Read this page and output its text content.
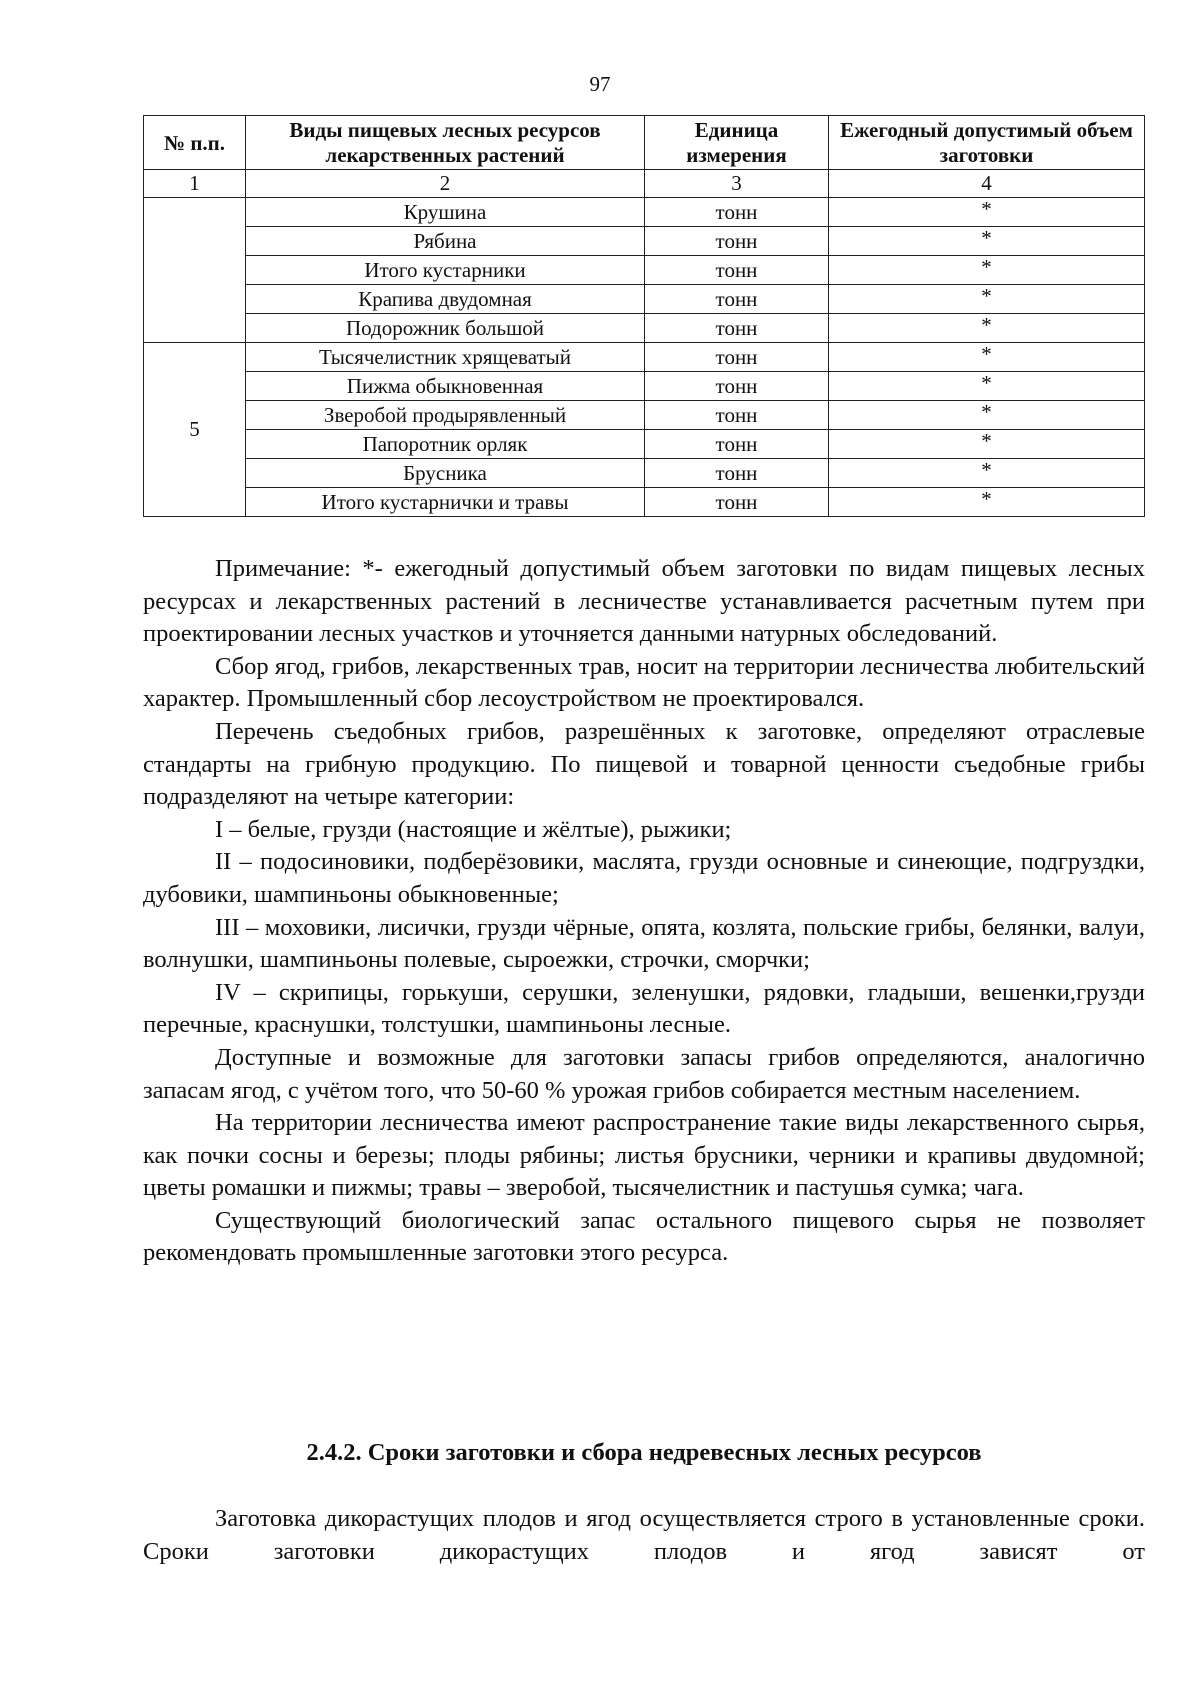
97
№ п.п.	Виды пищевых лесных ресурсов лекарственных растений	Единица измерения	Ежегодный допустимый объем заготовки
1	2	3	4
	Крушина	тонн	*
	Рябина	тонн	*
	Итого кустарники	тонн	*
	Крапива двудомная	тонн	*
	Подорожник большой	тонн	*
5	Тысячелистник хрящеватый	тонн	*
	Пижма обыкновенная	тонн	*
	Зверобой продырявленный	тонн	*
	Папоротник орляк	тонн	*
	Брусника	тонн	*
	Итого кустарнички и травы	тонн	*

Примечание: *- ежегодный допустимый объем заготовки по видам пищевых лесных ресурсах и лекарственных растений в лесничестве устанавливается расчетным путем при проектировании лесных участков и уточняется данными натурных обследований.

Сбор ягод, грибов, лекарственных трав, носит на территории лесничества любительский характер. Промышленный сбор лесоустройством не проектировался.

Перечень съедобных грибов, разрешённых к заготовке, определяют отраслевые стандарты на грибную продукцию. По пищевой и товарной ценности съедобные грибы подразделяют на четыре категории:

I – белые, грузди (настоящие и жёлтые), рыжики;

II – подосиновики, подберёзовики, маслята, грузди основные и синеющие, подгруздки, дубовики, шампиньоны обыкновенные;

III – моховики, лисички, грузди чёрные, опята, козлята, польские грибы, белянки, валуи, волнушки, шампиньоны полевые, сыроежки, строчки, сморчки;

IV – скрипицы, горькуши, серушки, зеленушки, рядовки, гладыши, вешенки,грузди перечные, краснушки, толстушки, шампиньоны лесные.

Доступные и возможные для заготовки запасы грибов определяются, аналогично запасам ягод, с учётом того, что 50-60 % урожая грибов собирается местным населением.

На территории лесничества имеют распространение такие виды лекарственного сырья, как почки сосны и березы; плоды рябины; листья брусники, черники и крапивы двудомной; цветы ромашки и пижмы; травы – зверобой, тысячелистник и пастушья сумка; чага.

Существующий биологический запас остального пищевого сырья не позволяет рекомендовать промышленные заготовки этого ресурса.

2.4.2. Сроки заготовки и сбора недревесных лесных ресурсов

Заготовка дикорастущих плодов и ягод осуществляется строго в установленные сроки. Сроки заготовки дикорастущих плодов и ягод зависят от
